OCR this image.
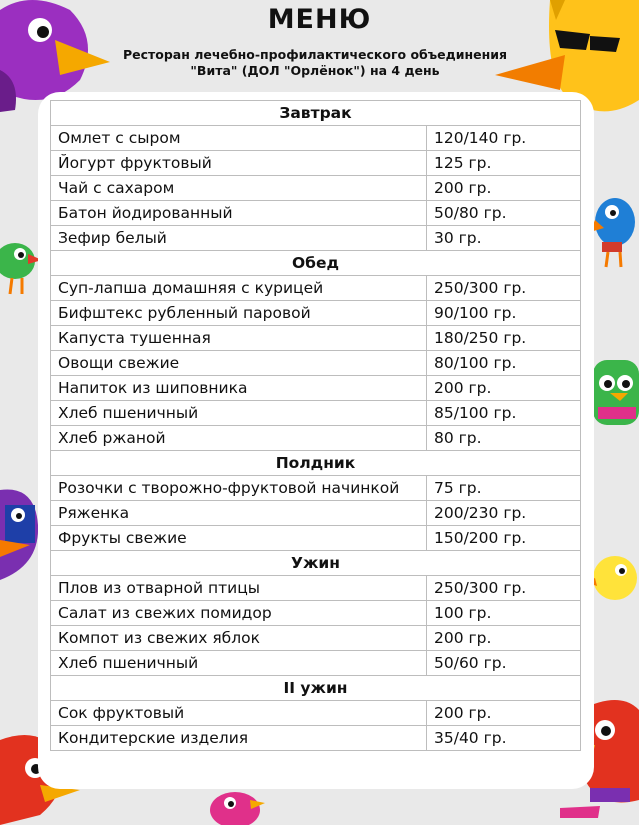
МЕНЮ
Ресторан лечебно-профилактического объединения
"Вита" (ДОЛ "Орлёнок") на 4 день
Завтрак	
Омлет с сыром	120/140 гр.
Йогурт фруктовый	125 гр.
Чай с сахаром	200 гр.
Батон йодированный	50/80 гр.
Зефир белый	30 гр.
Обед	
Суп-лапша домашняя с курицей	250/300 гр.
Бифштекс рубленный паровой	90/100 гр.
Капуста тушенная	180/250 гр.
Овощи свежие	80/100 гр.
Напиток из шиповника	200 гр.
Хлеб пшеничный	85/100 гр.
Хлеб ржаной	80 гр.
Полдник	
Розочки с творожно-фруктовой начинкой	75 гр.
Ряженка	200/230 гр.
Фрукты свежие	150/200 гр.
Ужин	
Плов из отварной птицы	250/300 гр.
Салат из свежих помидор	100 гр.
Компот из свежих яблок	200 гр.
Хлеб пшеничный	50/60 гр.
II ужин	
Сок фруктовый	200 гр.
Кондитерские изделия	35/40 гр.
